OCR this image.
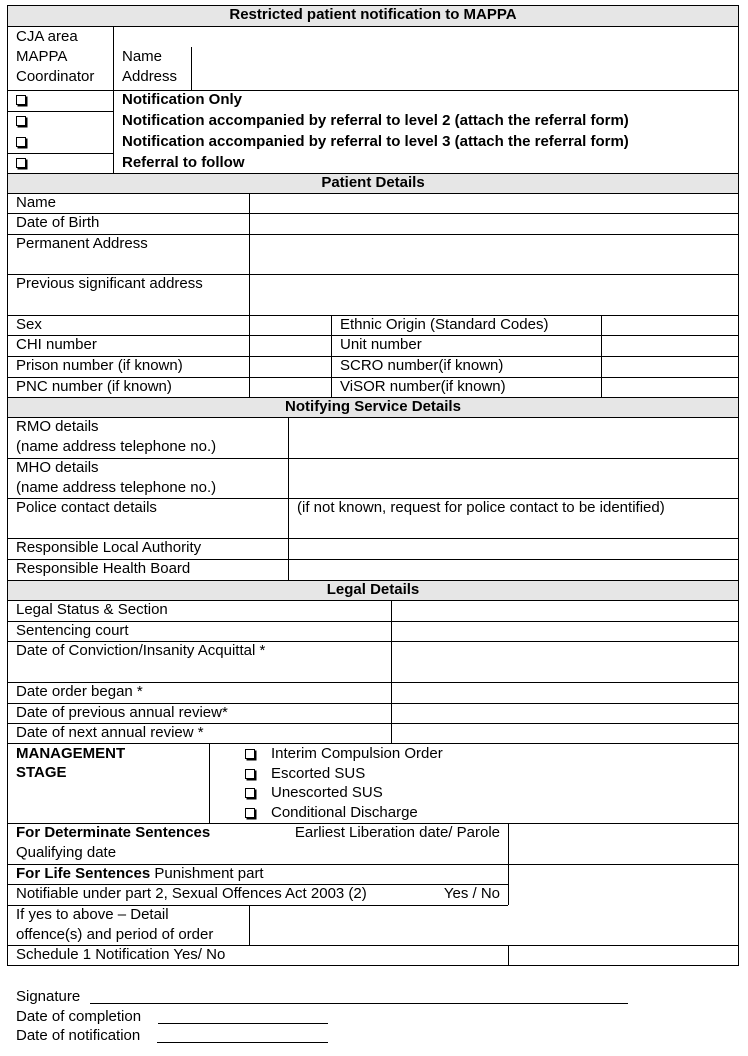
Restricted patient notification to MAPPA
CJA area
MAPPA
Coordinator
Name
Address
Notification Only
Notification accompanied by referral to level 2 (attach the referral form)
Notification accompanied by referral to level 3 (attach the referral form)
Referral to follow
Patient Details
Name
Date of Birth
Permanent Address
Previous significant address
Sex	Ethnic Origin (Standard Codes)
CHI number	Unit number
Prison number (if known)	SCRO number(if known)
PNC number (if known)	ViSOR number(if known)
Notifying Service Details
RMO details
(name address telephone no.)
MHO details
(name address telephone no.)
Police contact details	(if not known, request for police contact to be identified)
Responsible Local Authority
Responsible Health Board
Legal Details
Legal Status & Section
Sentencing court
Date of Conviction/Insanity Acquittal *
Date order began *
Date of previous annual review*
Date of next annual review *
MANAGEMENT
STAGE
Interim Compulsion Order
Escorted SUS
Unescorted SUS
Conditional Discharge
For Determinate Sentences	Earliest Liberation date/ Parole
Qualifying date
For Life Sentences Punishment part
Notifiable under part 2, Sexual Offences Act 2003 (2)	Yes / No
If yes to above – Detail
offence(s) and period of order
Schedule 1 Notification Yes/ No
Signature
Date of completion
Date of notification
